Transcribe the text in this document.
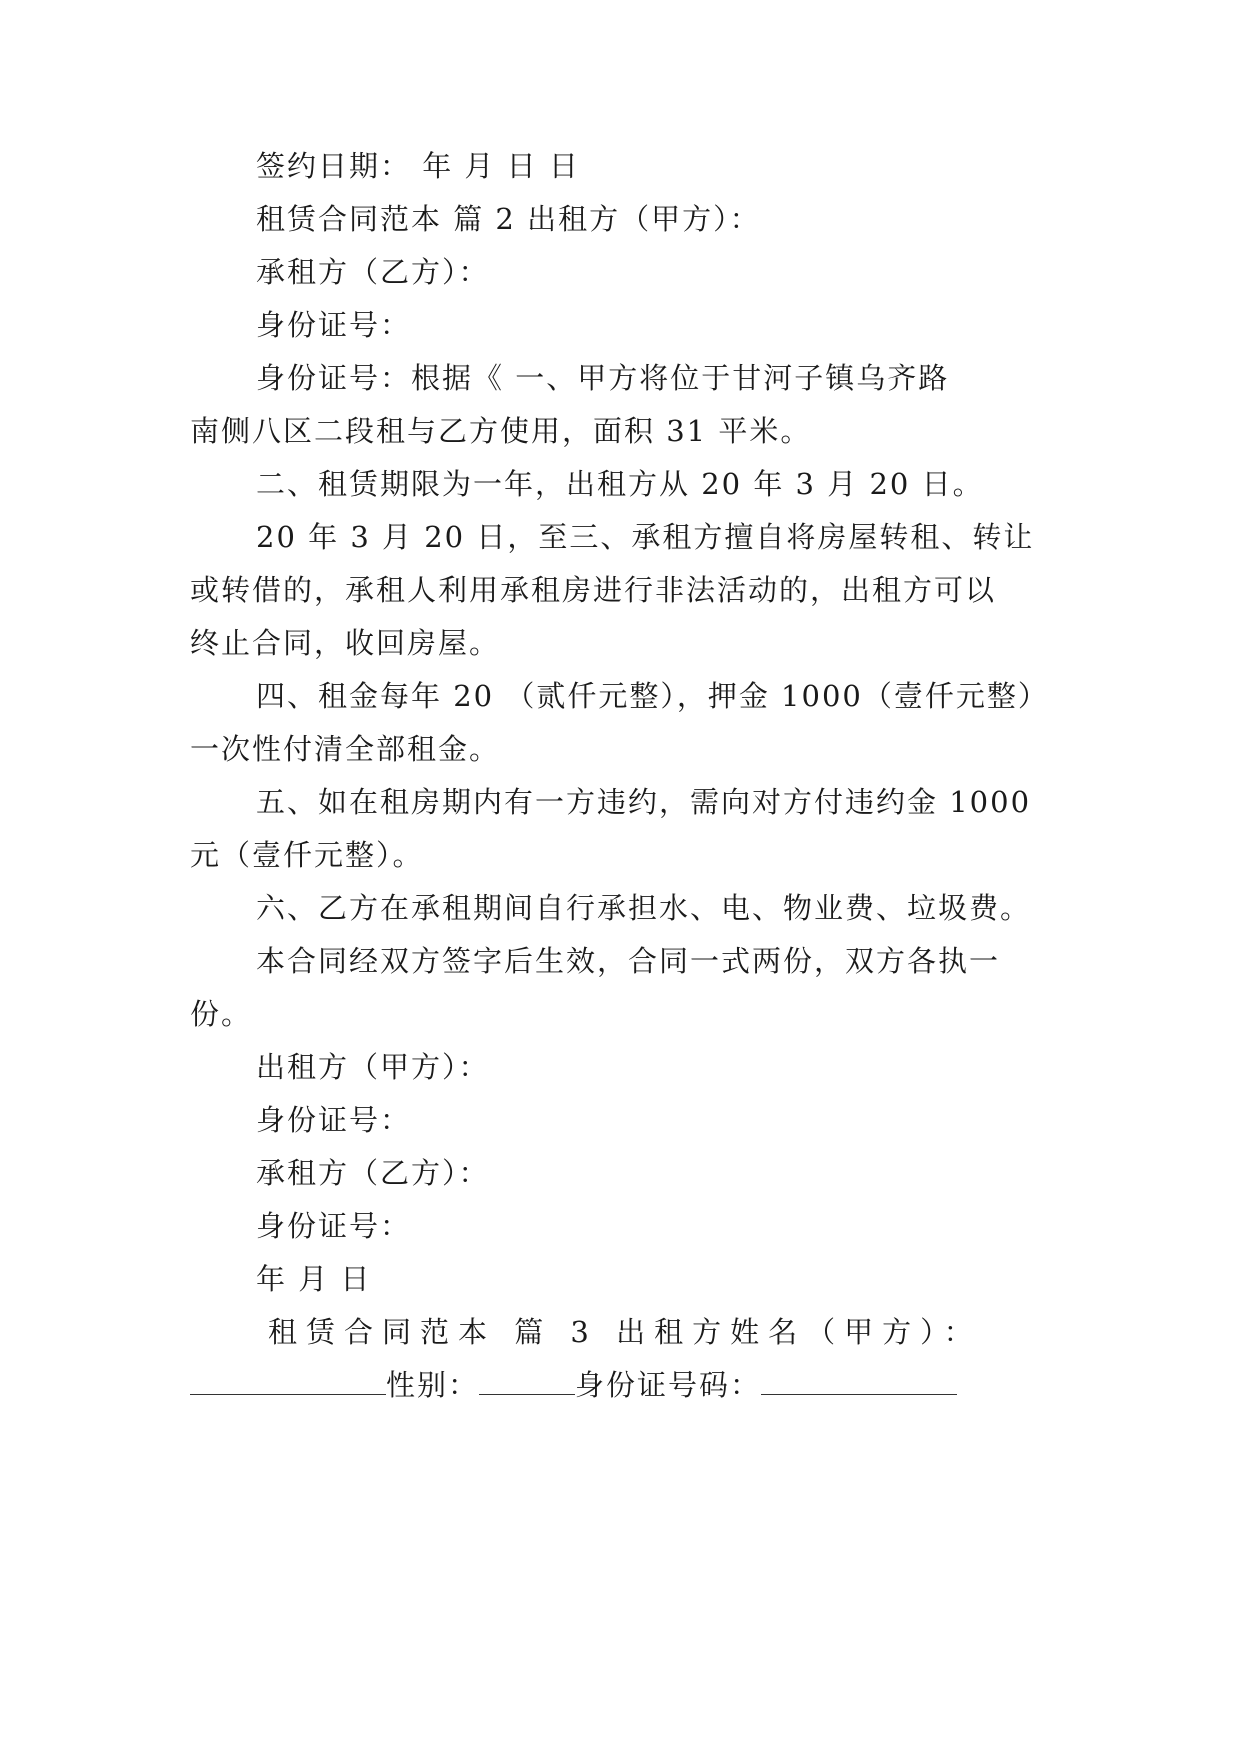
签约日期： 年 月 日 日
租赁合同范本 篇 2 出租方（甲方）：
承租方（乙方）：
身份证号：
身份证号：根据《 一、甲方将位于甘河子镇乌齐路
南侧八区二段租与乙方使用，面积 31 平米。
二、租赁期限为一年，出租方从 20 年 3 月 20 日。
20 年 3 月 20 日，至三、承租方擅自将房屋转租、转让
或转借的，承租人利用承租房进行非法活动的，出租方可以
终止合同，收回房屋。
四、租金每年 20 （贰仟元整），押金 1000（壹仟元整）
一次性付清全部租金。
五、如在租房期内有一方违约，需向对方付违约金 1000
元（壹仟元整）。
六、乙方在承租期间自行承担水、电、物业费、垃圾费。
本合同经双方签字后生效，合同一式两份，双方各执一
份。
出租方（甲方）：
身份证号：
承租方（乙方）：
身份证号：
年 月 日
租赁合同范本 篇 3 出租方姓名（甲方）：
性别：	身份证号码：
